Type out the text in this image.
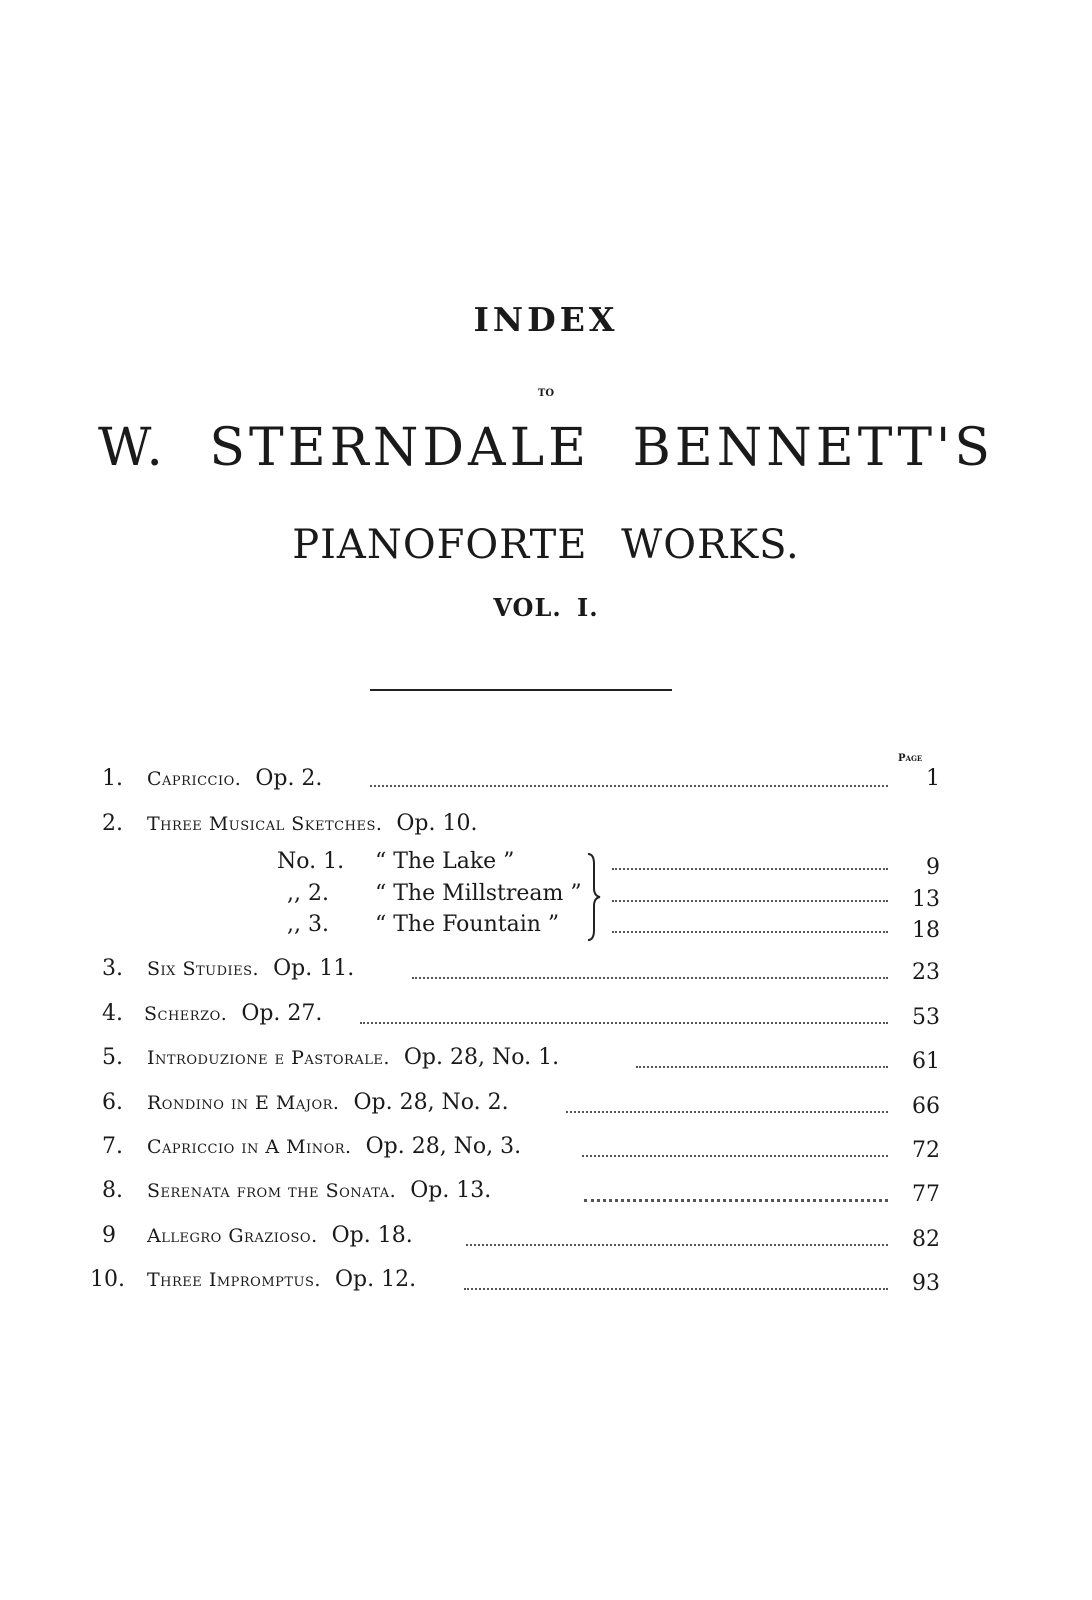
INDEX
TO
W. STERNDALE BENNETT'S
PIANOFORTE WORKS.
VOL. I.
Page
1.	Capriccio. Op. 2.	1
2.	Three Musical Sketches. Op. 10.
No. 1. “ The Lake ”	9
,, 2. “ The Millstream ”	13
,, 3. “ The Fountain ”	18
3.	Six Studies. Op. 11.	23
4.	Scherzo. Op. 27.	53
5.	Introduzione e Pastorale. Op. 28, No. 1.	61
6.	Rondino in E Major. Op. 28, No. 2.	66
7.	Capriccio in A Minor. Op. 28, No, 3.	72
8.	Serenata from the Sonata. Op. 13.	77
9	Allegro Grazioso. Op. 18.	82
10. Three Impromptus. Op. 12.	93
